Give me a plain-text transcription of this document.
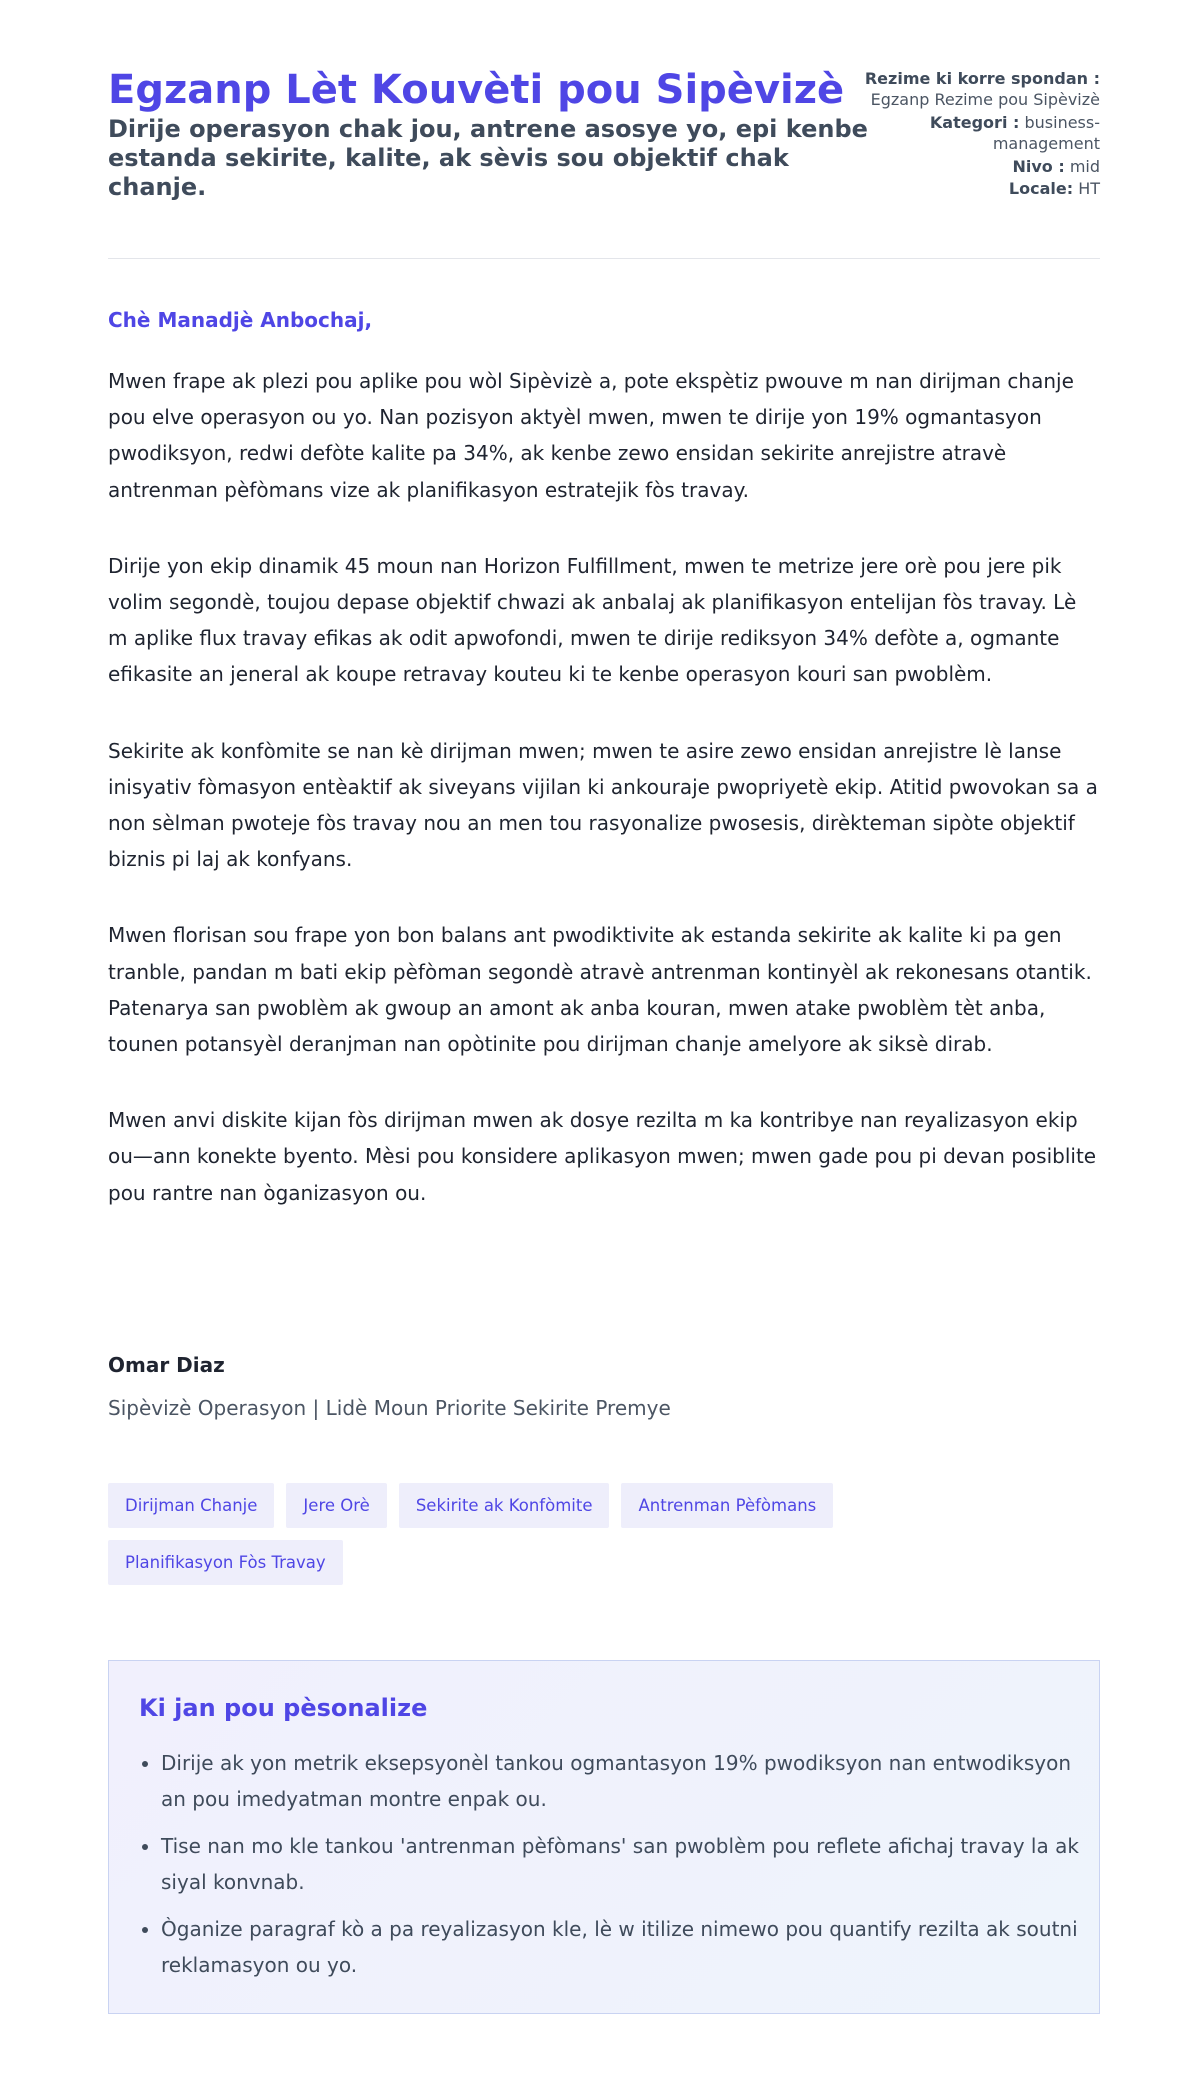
Egzanp Lèt Kouvèti pou Sipèvizè
Dirije operasyon chak jou, antrene asosye yo, epi kenbe estanda sekirite, kalite, ak sèvis sou objektif chak chanje.
Rezime ki korre spondan : Egzanp Rezime pou Sipèvizè
Kategori : business-management
Nivo : mid
Locale: HT
Chè Manadjè Anbochaj,

Mwen frape ak plezi pou aplike pou wòl Sipèvizè a, pote ekspètiz pwouve m nan dirijman chanje pou elve operasyon ou yo. Nan pozisyon aktyèl mwen, mwen te dirije yon 19% ogmantasyon pwodiksyon, redwi defòte kalite pa 34%, ak kenbe zewo ensidan sekirite anrejistre atravè antrenman pèfòmans vize ak planifikasyon estratejik fòs travay.

Dirije yon ekip dinamik 45 moun nan Horizon Fulfillment, mwen te metrize jere orè pou jere pik volim segondè, toujou depase objektif chwazi ak anbalaj ak planifikasyon entelijan fòs travay. Lè m aplike flux travay efikas ak odit apwofondi, mwen te dirije rediksyon 34% defòte a, ogmante efikasite an jeneral ak koupe retravay kouteu ki te kenbe operasyon kouri san pwoblèm.

Sekirite ak konfòmite se nan kè dirijman mwen; mwen te asire zewo ensidan anrejistre lè lanse inisyativ fòmasyon entèaktif ak siveyans vijilan ki ankouraje pwopriyetè ekip. Atitid pwovokan sa a non sèlman pwoteje fòs travay nou an men tou rasyonalize pwosesis, dirèkteman sipòte objektif biznis pi laj ak konfyans.

Mwen florisan sou frape yon bon balans ant pwodiktivite ak estanda sekirite ak kalite ki pa gen tranble, pandan m bati ekip pèfòman segondè atravè antrenman kontinyèl ak rekonesans otantik. Patenarya san pwoblèm ak gwoup an amont ak anba kouran, mwen atake pwoblèm tèt anba, tounen potansyèl deranjman nan opòtinite pou dirijman chanje amelyore ak siksè dirab.

Mwen anvi diskite kijan fòs dirijman mwen ak dosye rezilta m ka kontribye nan reyalizasyon ekip ou—ann konekte byento. Mèsi pou konsidere aplikasyon mwen; mwen gade pou pi devan posiblite pou rantre nan òganizasyon ou.

Omar Diaz
Sipèvizè Operasyon | Lidè Moun Priorite Sekirite Premye
Dirijman Chanje	Jere Orè	Sekirite ak Konfòmite	Antrenman Pèfòmans
Planifikasyon Fòs Travay
Ki jan pou pèsonalize
• Dirije ak yon metrik eksepsyonèl tankou ogmantasyon 19% pwodiksyon nan entwodiksyon an pou imedyatman montre enpak ou.
• Tise nan mo kle tankou 'antrenman pèfòmans' san pwoblèm pou reflete afichaj travay la ak siyal konvnab.
• Òganize paragraf kò a pa reyalizasyon kle, lè w itilize nimewo pou quantify rezilta ak soutni reklamasyon ou yo.
